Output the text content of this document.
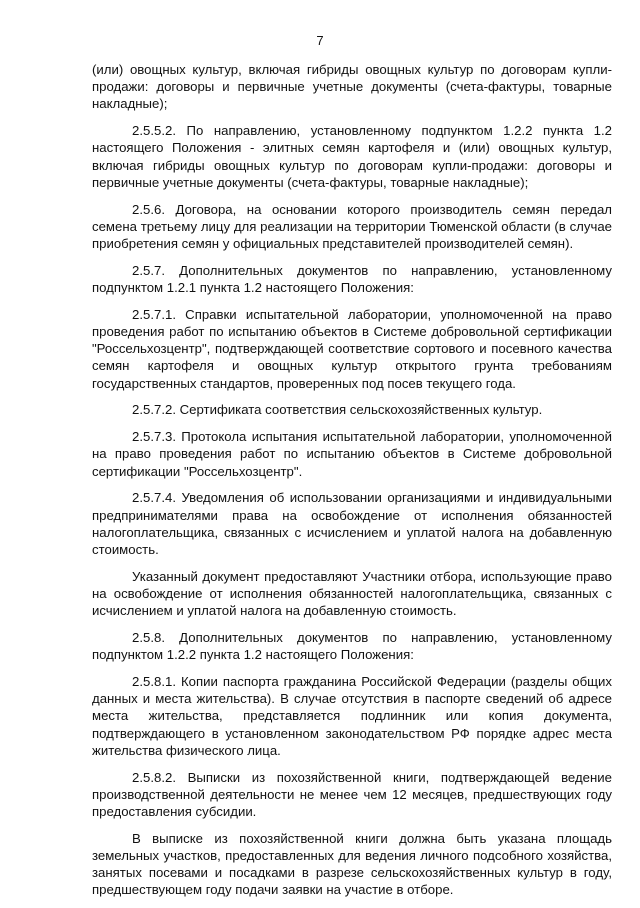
7

(или) овощных культур, включая гибриды овощных культур по договорам купли-продажи: договоры и первичные учетные документы (счета-фактуры, товарные накладные);

2.5.5.2. По направлению, установленному подпунктом 1.2.2 пункта 1.2 настоящего Положения - элитных семян картофеля и (или) овощных культур, включая гибриды овощных культур по договорам купли-продажи: договоры и первичные учетные документы (счета-фактуры, товарные накладные);

2.5.6. Договора, на основании которого производитель семян передал семена третьему лицу для реализации на территории Тюменской области (в случае приобретения семян у официальных представителей производителей семян).

2.5.7. Дополнительных документов по направлению, установленному подпунктом 1.2.1 пункта 1.2 настоящего Положения:

2.5.7.1. Справки испытательной лаборатории, уполномоченной на право проведения работ по испытанию объектов в Системе добровольной сертификации "Россельхозцентр", подтверждающей соответствие сортового и посевного качества семян картофеля и овощных культур открытого грунта требованиям государственных стандартов, проверенных под посев текущего года.

2.5.7.2. Сертификата соответствия сельскохозяйственных культур.

2.5.7.3. Протокола испытания испытательной лаборатории, уполномоченной на право проведения работ по испытанию объектов в Системе добровольной сертификации "Россельхозцентр".

2.5.7.4. Уведомления об использовании организациями и индивидуальными предпринимателями права на освобождение от исполнения обязанностей налогоплательщика, связанных с исчислением и уплатой налога на добавленную стоимость.

Указанный документ предоставляют Участники отбора, использующие право на освобождение от исполнения обязанностей налогоплательщика, связанных с исчислением и уплатой налога на добавленную стоимость.

2.5.8. Дополнительных документов по направлению, установленному подпунктом 1.2.2 пункта 1.2 настоящего Положения:

2.5.8.1. Копии паспорта гражданина Российской Федерации (разделы общих данных и места жительства). В случае отсутствия в паспорте сведений об адресе места жительства, представляется подлинник или копия документа, подтверждающего в установленном законодательством РФ порядке адрес места жительства физического лица.

2.5.8.2. Выписки из похозяйственной книги, подтверждающей ведение производственной деятельности не менее чем 12 месяцев, предшествующих году предоставления субсидии.

В выписке из похозяйственной книги должна быть указана площадь земельных участков, предоставленных для ведения личного подсобного хозяйства, занятых посевами и посадками в разрезе сельскохозяйственных культур в году, предшествующем году подачи заявки на участие в отборе.
